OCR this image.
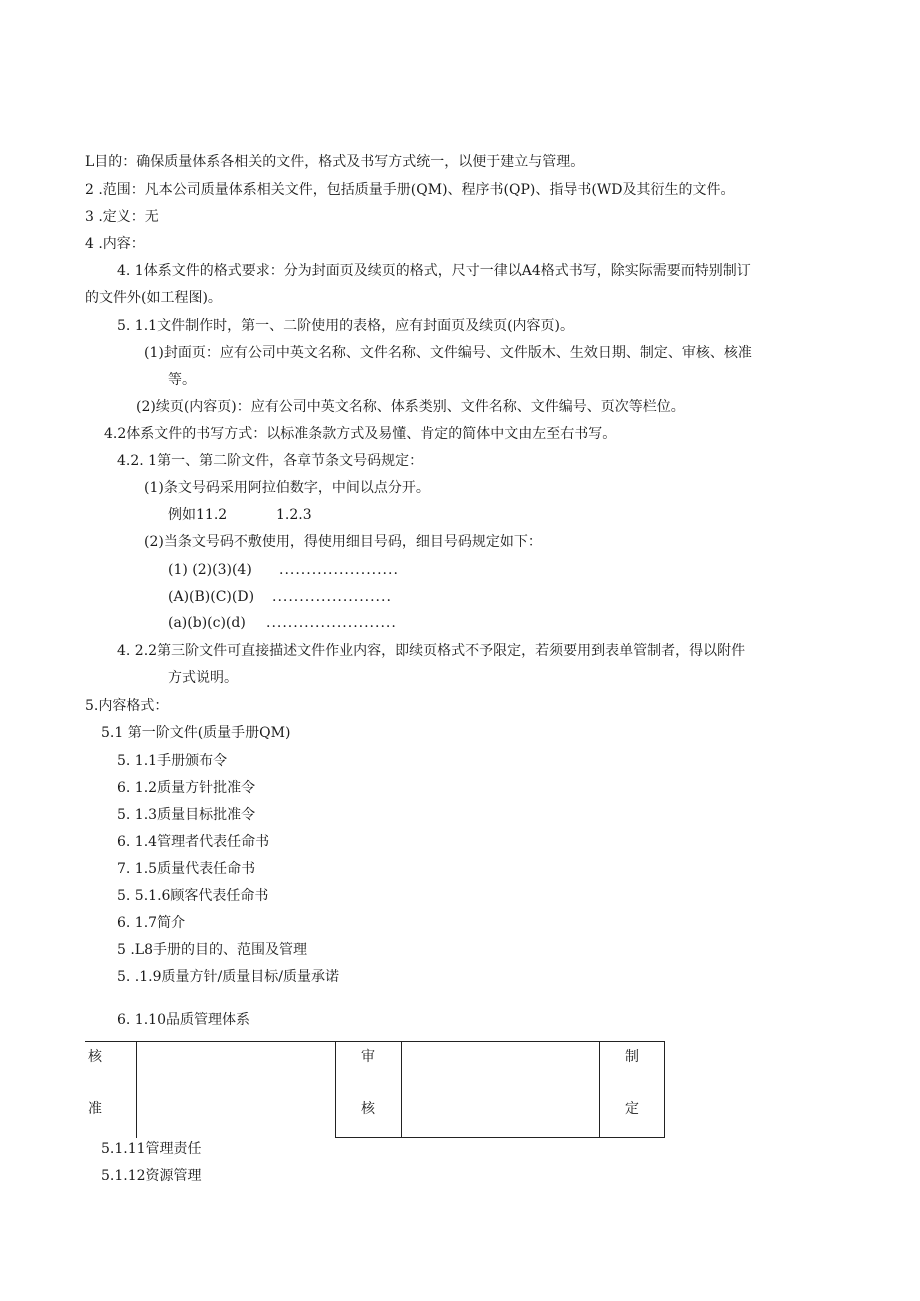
L目的：确保质量体系各相关的文件，格式及书写方式统一，以便于建立与管理。
2 .范围：凡本公司质量体系相关文件，包括质量手册(QM)、程序书(QP)、指导书(WD及其衍生的文件。
3 .定义：无
4 .内容：
4. 1体系文件的格式要求：分为封面页及续页的格式，尺寸一律以A4格式书写，除实际需要而特别制订
的文件外(如工程图)。
5. 1.1文件制作时，第一、二阶使用的表格，应有封面页及续页(内容页)。
(1)封面页：应有公司中英文名称、文件名称、文件编号、文件版木、生效日期、制定、审核、核准
等。
(2)续页(内容页)：应有公司中英文名称、体系类别、文件名称、文件编号、页次等栏位。
4.2体系文件的书写方式：以标准条款方式及易懂、肯定的简体中文由左至右书写。
4.2. 1第一、第二阶文件，各章节条文号码规定：
(1)条文号码采用阿拉伯数字，中间以点分开。
例如11.2	1.2.3
(2)当条文号码不敷使用，得使用细目号码，细目号码规定如下：
(1) (2)(3)(4) ......................
(A)(B)(C)(D) ......................
(a)(b)(c)(d) ........................
4. 2.2第三阶文件可直接描述文件作业内容，即续页格式不予限定，若须要用到表单管制者，得以附件
方式说明。
5.内容格式：
5.1 第一阶文件(质量手册QM)
5. 1.1手册颁布令
6. 1.2质量方针批准令
5. 1.3质量目标批准令
6. 1.4管理者代表任命书
7. 1.5质量代表任命书
5. 5.1.6顾客代表任命书
6. 1.7简介
5 .L8手册的目的、范围及管理
5. .1.9质量方针/质量目标/质量承诺
6. 1.10品质管理体系
核
准
审
核
制
定
5.1.11管理责任
5.1.12资源管理
